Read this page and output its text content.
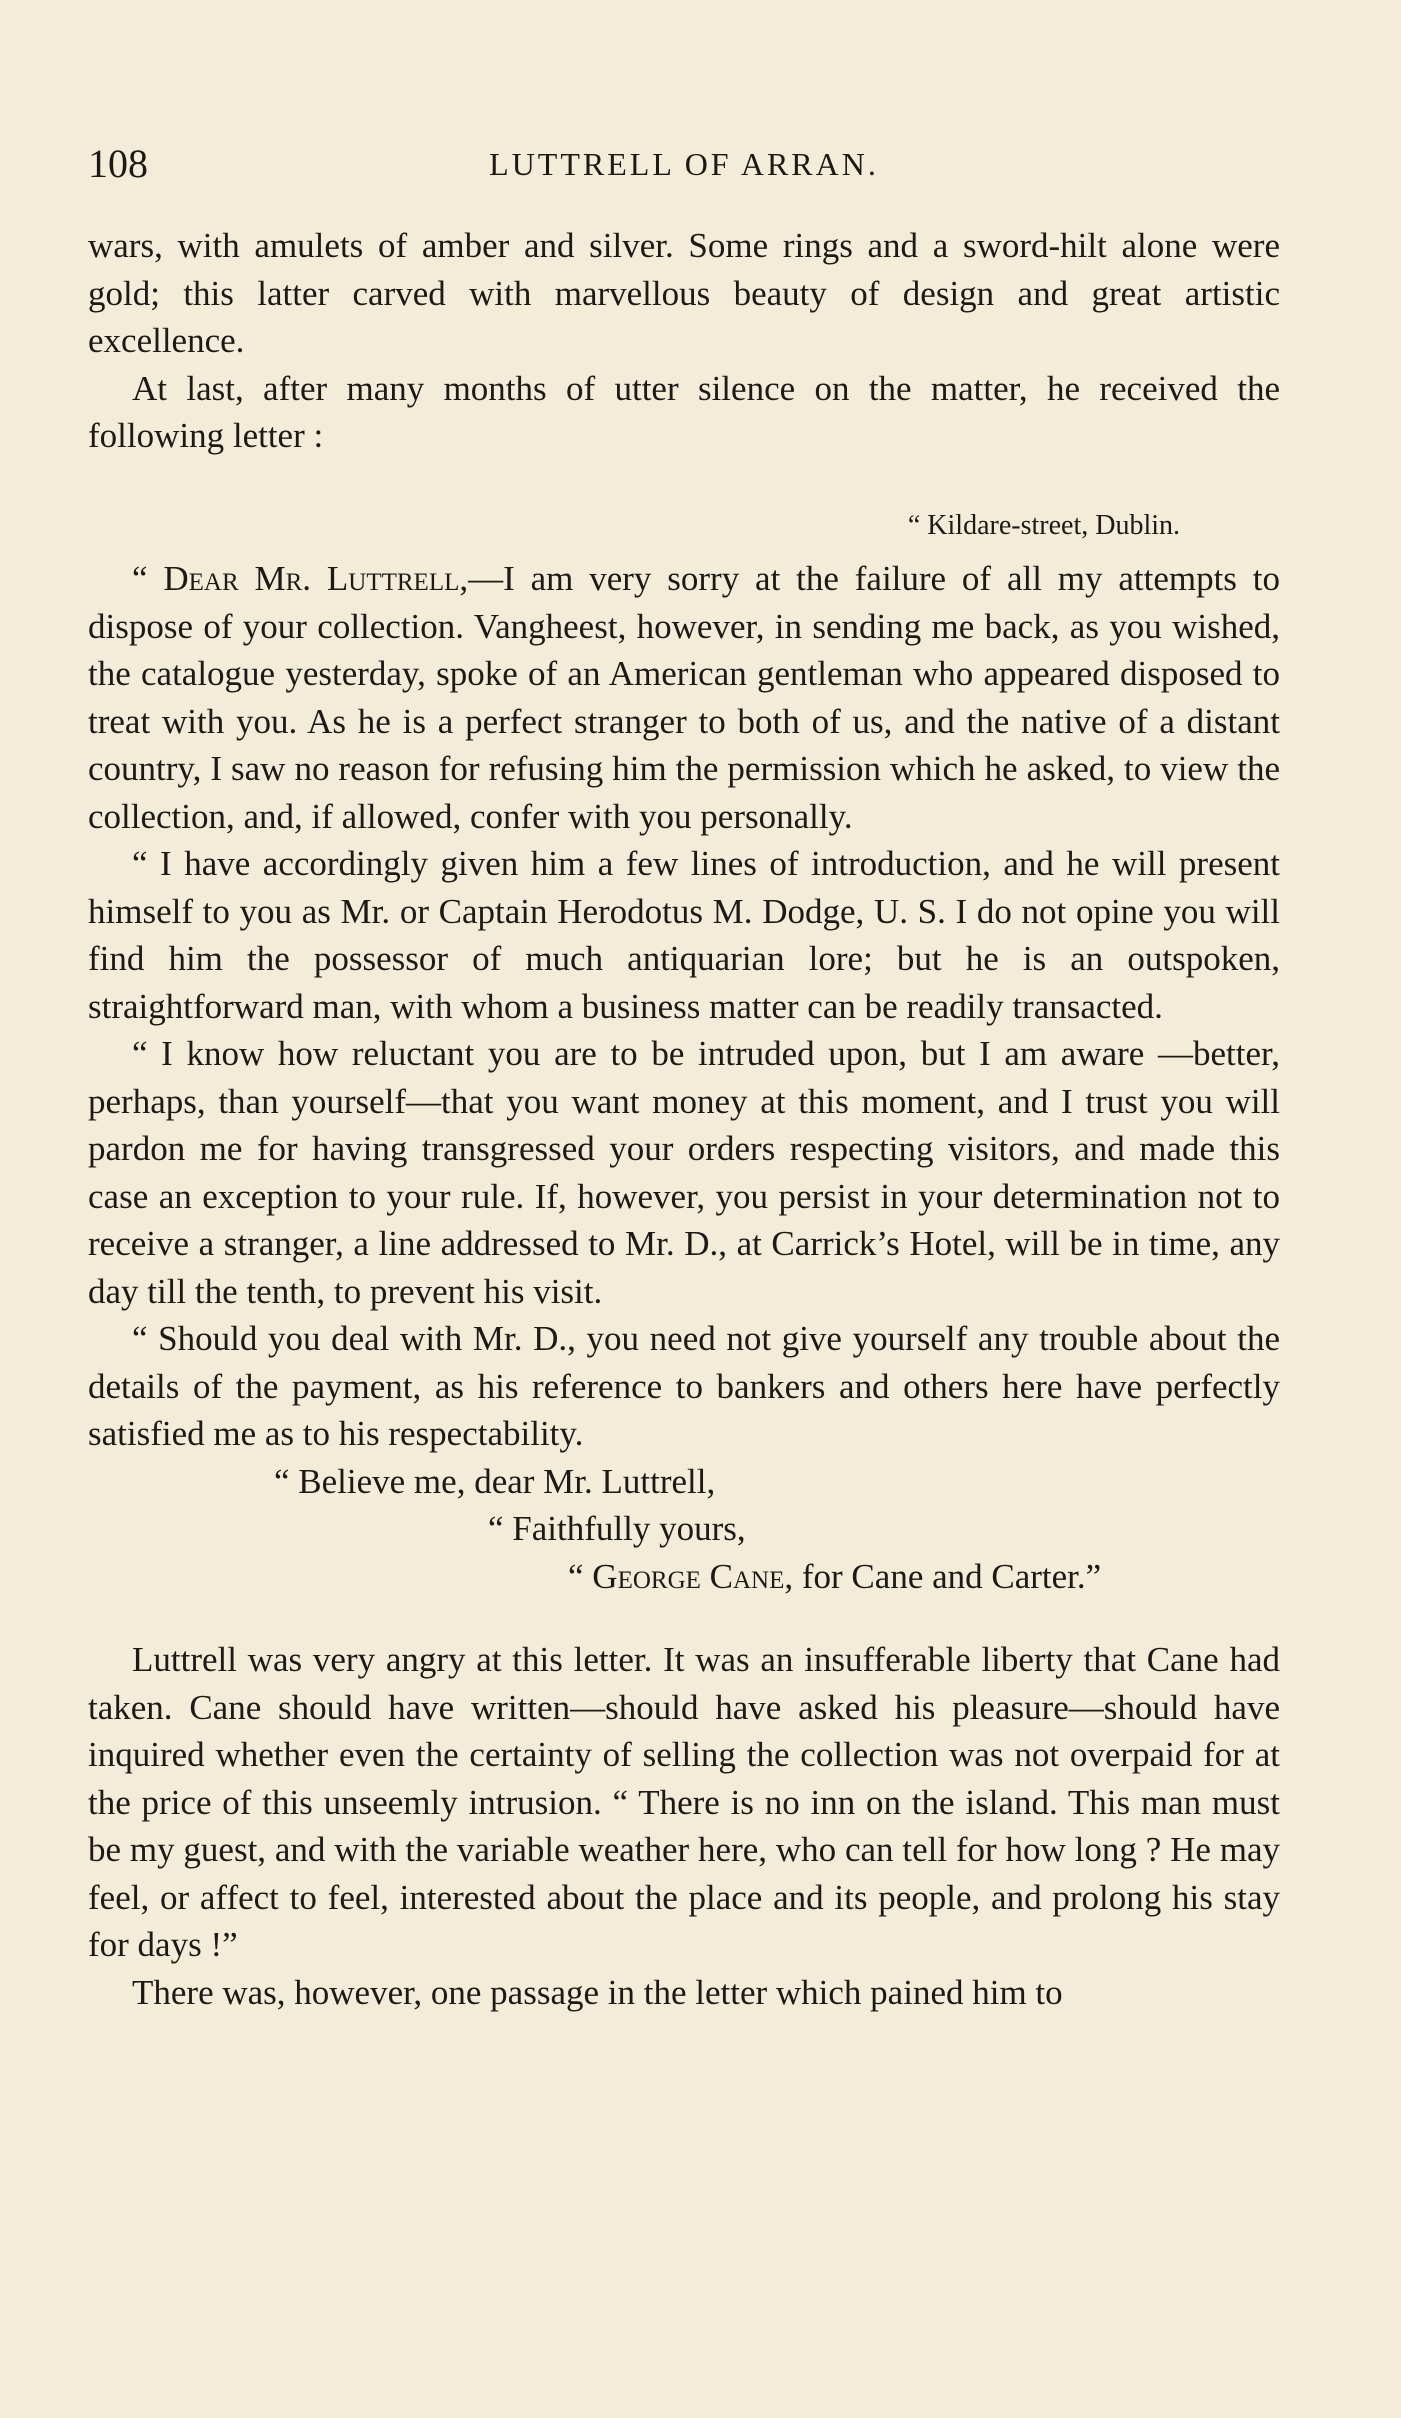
108	LUTTRELL OF ARRAN.

wars, with amulets of amber and silver. Some rings and a sword-hilt alone were gold; this latter carved with marvellous beauty of design and great artistic excellence.

At last, after many months of utter silence on the matter, he received the following letter :

“ Kildare-street, Dublin.

“ Dear Mr. Luttrell,—I am very sorry at the failure of all my attempts to dispose of your collection. Vangheest, however, in sending me back, as you wished, the catalogue yesterday, spoke of an American gentleman who appeared disposed to treat with you. As he is a perfect stranger to both of us, and the native of a distant country, I saw no reason for refusing him the permission which he asked, to view the collection, and, if allowed, confer with you personally.

“ I have accordingly given him a few lines of introduction, and he will present himself to you as Mr. or Captain Herodotus M. Dodge, U. S. I do not opine you will find him the possessor of much antiquarian lore; but he is an outspoken, straightforward man, with whom a business matter can be readily transacted.

“ I know how reluctant you are to be intruded upon, but I am aware —better, perhaps, than yourself—that you want money at this moment, and I trust you will pardon me for having transgressed your orders respecting visitors, and made this case an exception to your rule. If, however, you persist in your determination not to receive a stranger, a line addressed to Mr. D., at Carrick’s Hotel, will be in time, any day till the tenth, to prevent his visit.

“ Should you deal with Mr. D., you need not give yourself any trouble about the details of the payment, as his reference to bankers and others here have perfectly satisfied me as to his respectability.

“ Believe me, dear Mr. Luttrell,

“ Faithfully yours,

“ George Cane, for Cane and Carter.”

Luttrell was very angry at this letter. It was an insufferable liberty that Cane had taken. Cane should have written—should have asked his pleasure—should have inquired whether even the certainty of selling the collection was not overpaid for at the price of this unseemly intrusion. “ There is no inn on the island. This man must be my guest, and with the variable weather here, who can tell for how long ? He may feel, or affect to feel, interested about the place and its people, and prolong his stay for days !”

There was, however, one passage in the letter which pained him to
